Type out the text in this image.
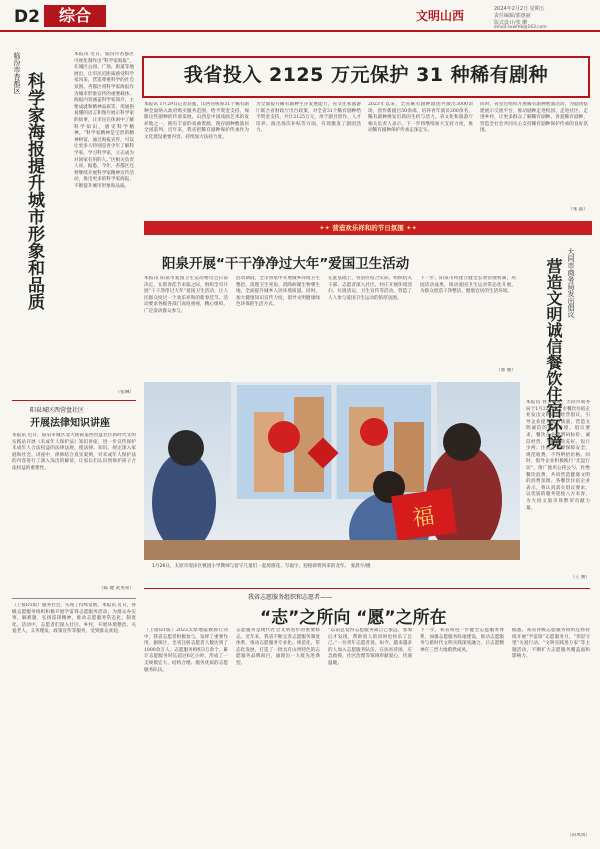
D2	综合	文明山西	2024年2月2日 星期五
责任编辑/郭惠丽
版式设计/张 鹏
email:sxwmb@163.com
临汾市杏都区 科学家海报提升城市形象和品质
本报讯 近日，临汾市杏都区可视化制作出“科学家海报”，在城区公园、广场、街道等地展出，让市民近距离感受科学家风采，营造尊重科学的社会氛围。杏都区将科学家海报作为城市形象宣传的重要载体，海报内容涵盖科学家简介、主要成就和精神品质等，用通俗易懂的语言和图片展示科学家的故事，让市民在休闲中了解科学知识，感受科学精神。“科学家精神是宝贵的精神财富，通过海报宣传，可以让更多人特别是青少年了解科学家，学习科学家，立志成为对国家有用的人。”区相关负责人说。据悉，今年，杏都区还将继续开展科学家精神宣传活动，推出更多的科学家海报，不断提升城市形象和品质。
（张琳）
阳泉城区西营盘社区
开展法律知识讲座
本报讯 近日，阳泉市城区北大街街道西营盘社区新时代文明实践站开展《未成年人保护法》知识讲座，进一步宣传保护未成年人合法权益的法律法规，使法律、知识、规定深入家庭和社会。讲座中，律师结合真实案例，对未成年人保护法的内容进行了深入浅出的解读，让家长们认识到保护孩子合法权益的重要性。
（陈 婕 武英荣）
（上接D1版）服务社会，实现了持续发展。本报讯 近日，各级志愿服务组织积极开展学雷锋志愿服务活动，为群众办实事、解难题，弘扬雷锋精神，推动志愿服务常态化、制度化。活动中，志愿者们深入社区、乡村，开展环境整治、关爱老人、义务理发、政策宣传等服务，受到群众欢迎。
我省投入 2125 万元保护 31 种稀有剧种
本报讯 1月29日记者获悉，山西省统筹31个稀有剧种全面纳入政府购买服务范围，给予资金支持，保障这些剧种的传承发展。山西是中国戏曲艺术的发祥地之一，拥有丰富的戏曲资源，现存剧种数量居全国前列。近年来，我省把稀有剧种保护传承作为文化建设重要内容，持续加大扶持力度。
为全面提升稀有剧种生存发展能力，省文化和旅游厅联合省财政厅出台政策，对全省31个稀有剧种给予资金支持，共计2125万元，用于剧目创作、人才培养、演出场次补贴等方面，有效激发了剧团活力。
2023年以来，全省稀有剧种剧团共演出3000余场，创作新剧目50余部，培养青年演员200余名，稀有剧种焕发出新的生机与活力。省文化和旅游厅相关负责人表示，下一步将继续加大支持力度，推动稀有剧种保护传承走深走实。
同时，省里还组织开展稀有剧种展演活动，为剧团搭建展示交流平台，推动剧种走进校园、走进社区、走进乡村，让更多群众了解稀有剧种、喜爱稀有剧种，营造全社会共同关心支持稀有剧种保护传承的良好氛围。
（张 磊）
✦✦ 营造欢乐祥和的节日氛围 ✦✦
阳泉开展“干干净净过大年”爱国卫生活动
本报讯 阳泉市爱国卫生运动委员会日前决定，在新春佳节来临之际，组织全市开展“干干净净过大年”爱国卫生活动，让人民群众度过一个欢乐祥和的新春佳节。活动要求各级各部门高度重视，精心组织，广泛发动群众参与。
活动期间，全市将集中开展城乡环境卫生整治，清理卫生死角，消除病媒生物孳生地，全面提升城乡人居环境质量。同时，加大健康知识宣传力度，倡导文明健康绿色环保的生活方式。
在此基础上，各县区结合实际，组织机关干部、志愿者深入社区、村庄开展环境清扫、垃圾清运、卫生宣传等活动，营造了人人参与爱国卫生运动的浓厚氛围。
下一步，阳泉市将建立健全长效管理机制，巩固活动成果，推动爱国卫生运动常态化开展，为群众创造干净整洁、健康宜居的生活环境。
（郭 强）
福
1月26日，太原市迎泽区桃园小学教师与留守儿童们一起剪窗花、写福字，迎接即将到来的龙年。 张晨宇/摄
大同市商务局发出倡议
营造文明诚信餐饮住宿环境
本报讯 春节临近，大同市商务局于1月22日向全市餐饮住宿企业发出文明诚信经营倡议，引导企业提升服务质量，营造文明诚信的消费环境。倡议要求，餐饮企业要明码标价、诚信经营，不得以次充好、短斤少两；住宿企业要保障安全、规范收费，不得哄抬价格。同时，倡导企业积极践行“光盘行动”，推广使用公筷公勺，杜绝餐饮浪费，共同营造健康文明的消费氛围。各餐饮住宿企业表示，将认真落实倡议要求，以优质的服务迎接八方来客，为大同文旅市场繁荣贡献力量。
（王 刚）
我省志愿服务组织和志愿者——
“志”之所向 “愿”之所在
（上接D1版）2023太原地震救援行动中，我省志愿者积极参与，发挥了重要作用。据统计，全省注册志愿者人数达到了1000余万人，志愿服务组织3万余个，累计志愿服务时长超过6亿小时，形成了一支规模宏大、结构合理、服务优质的志愿服务队伍。
志愿服务是现代社会文明进步的重要标志。近年来，我省不断完善志愿服务制度体系，推动志愿服务专业化、规范化、常态化发展，打造了一批具有山西特色的志愿服务品牌项目，涌现出一大批先进典型。
“以前总觉得志愿服务离自己很远，参加后才发现，帮助别人的同时也快乐了自己。”一位青年志愿者说。如今，越来越多的人加入志愿服务队伍，在扶贫济困、应急救援、社区治理等领域奉献爱心，传递温暖。
下一步，我省将进一步健全志愿服务体系，加强志愿服务阵地建设，推动志愿服务与新时代文明实践深度融合，让志愿精神在三晋大地蔚然成风。
据悉，我省各级志愿服务组织还将持续开展“学雷锋”志愿服务月、“邻里守望”关爱行动、“文明实践进万家”等主题活动，不断扩大志愿服务覆盖面和影响力。
（田凤凤）
